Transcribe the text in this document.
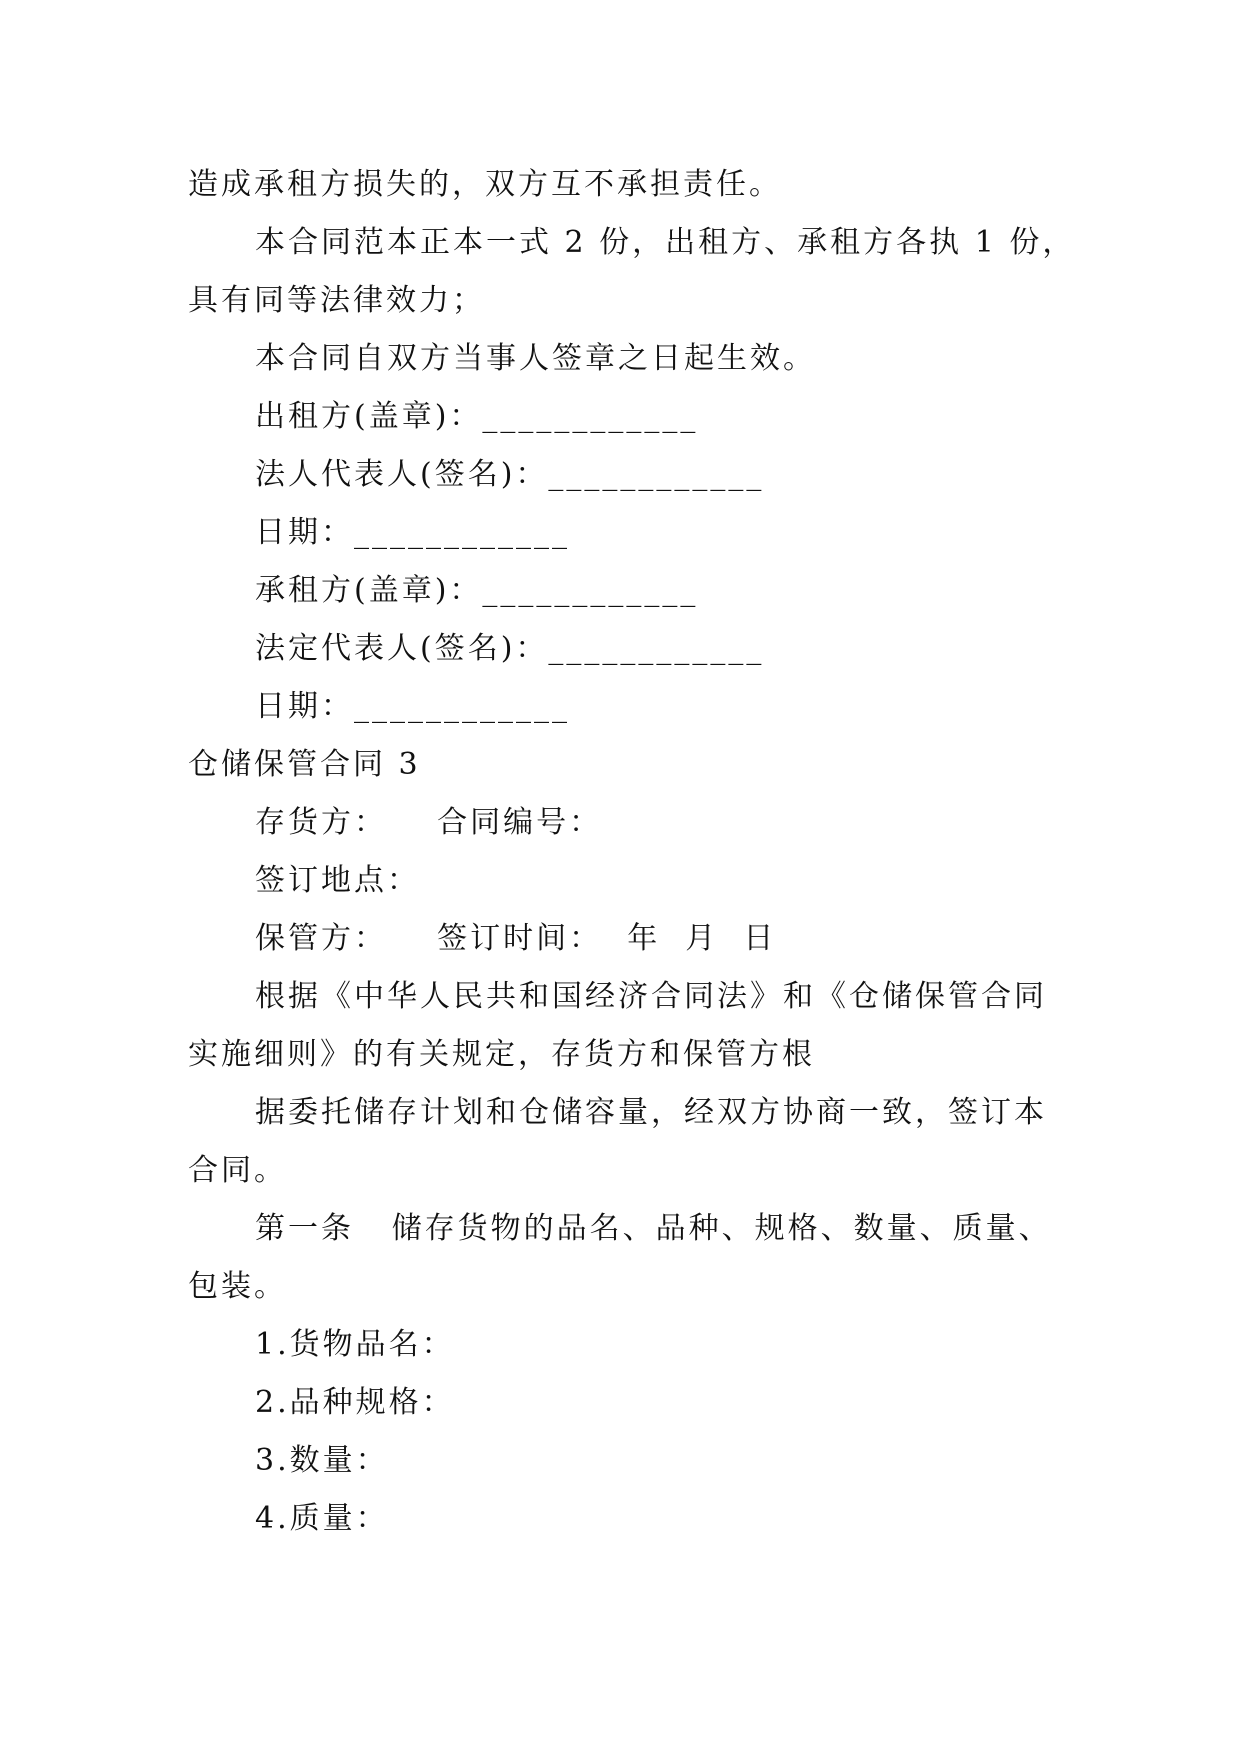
造成承租方损失的，双方互不承担责任。
本合同范本正本一式 2 份，出租方、承租方各执 1 份，
具有同等法律效力；
本合同自双方当事人签章之日起生效。
出租方(盖章)：____________
法人代表人(签名)：____________
日期：____________
承租方(盖章)：____________
法定代表人(签名)：____________
日期：____________
仓储保管合同 3
存货方：    合同编号：
签订地点：
保管方：    签订时间：  年  月  日
根据《中华人民共和国经济合同法》和《仓储保管合同
实施细则》的有关规定，存货方和保管方根
据委托储存计划和仓储容量，经双方协商一致，签订本
合同。
第一条   储存货物的品名、品种、规格、数量、质量、
包装。
1.货物品名：
2.品种规格：
3.数量：
4.质量：
